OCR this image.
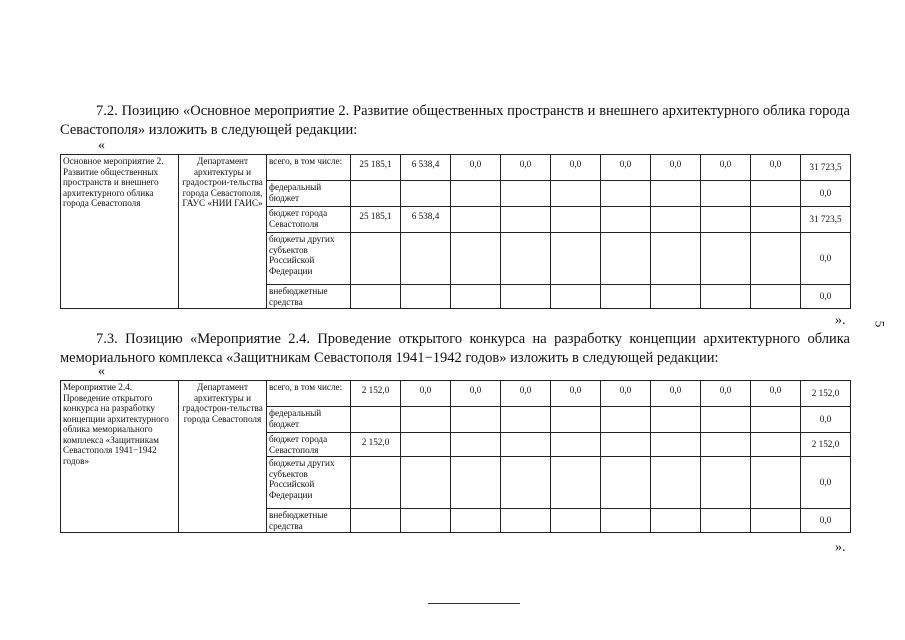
7.2. Позицию «Основное мероприятие 2. Развитие общественных пространств и внешнего архитектурного облика города Севастополя» изложить в следующей редакции:
«
Основное мероприятие 2. Развитие общественных пространств и внешнего архитектурного облика города Севастополя	Департамент архитектуры и градострои-тельства города Севастополя, ГАУС «НИИ ГАИС»	всего, в том числе:	25 185,1	6 538,4	0,0	0,0	0,0	0,0	0,0	0,0	0,0	31 723,5
		федеральный бюджет										0,0
		бюджет города Севастополя	25 185,1	6 538,4								31 723,5
		бюджеты других субъектов Российской Федерации										0,0
		внебюджетные средства										0,0
».
7.3. Позицию «Мероприятие 2.4. Проведение открытого конкурса на разработку концепции архитектурного облика мемориального комплекса «Защитникам Севастополя 1941−1942 годов» изложить в следующей редакции:
«
Мероприятие 2.4. Проведение открытого конкурса на разработку концепции архитектурного облика мемориального комплекса «Защитникам Севастополя 1941−1942 годов»	Департамент архитектуры и градострои-тельства города Севастополя	всего, в том числе:	2 152,0	0,0	0,0	0,0	0,0	0,0	0,0	0,0	0,0	2 152,0
		федеральный бюджет										0,0
		бюджет города Севастополя	2 152,0									2 152,0
		бюджеты других субъектов Российской Федерации										0,0
		внебюджетные средства										0,0
».
5
